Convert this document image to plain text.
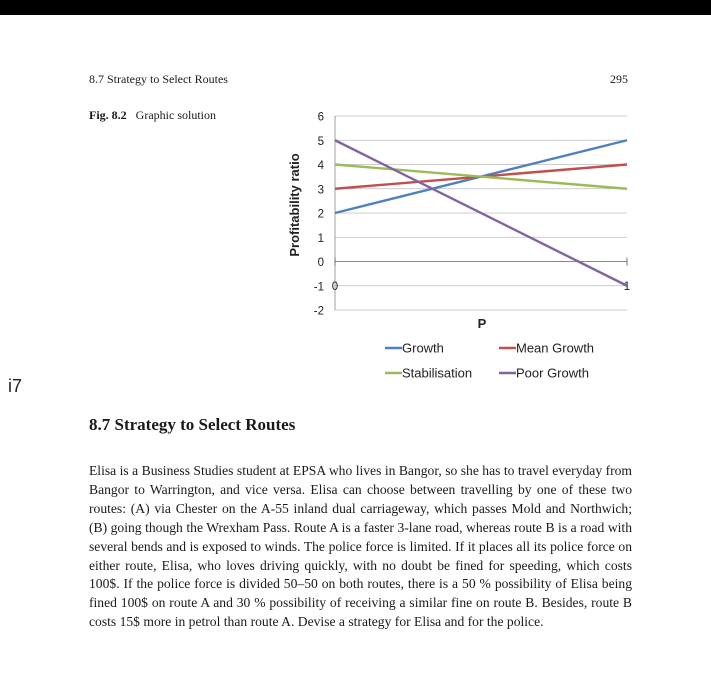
8.7 Strategy to Select Routes	295
Fig. 8.2 Graphic solution
i7
8.7 Strategy to Select Routes
Elisa is a Business Studies student at EPSA who lives in Bangor, so she has to travel everyday from Bangor to Warrington, and vice versa. Elisa can choose between travelling by one of these two routes: (A) via Chester on the A-55 inland dual carriageway, which passes Mold and Northwich; (B) going though the Wrexham Pass. Route A is a faster 3-lane road, whereas route B is a road with several bends and is exposed to winds. The police force is limited. If it places all its police force on either route, Elisa, who loves driving quickly, with no doubt be fined for speeding, which costs 100$. If the police force is divided 50–50 on both routes, there is a 50 % possibility of Elisa being fined 100$ on route A and 30 % possibility of receiving a similar fine on route B. Besides, route B costs 15$ more in petrol than route A. Devise a strategy for Elisa and for the police.
-2
-1
0
1
2
3
4
5
6
0	1
Profitability ratio
P
Growth	Mean Growth
Stabilisation	Poor Growth
